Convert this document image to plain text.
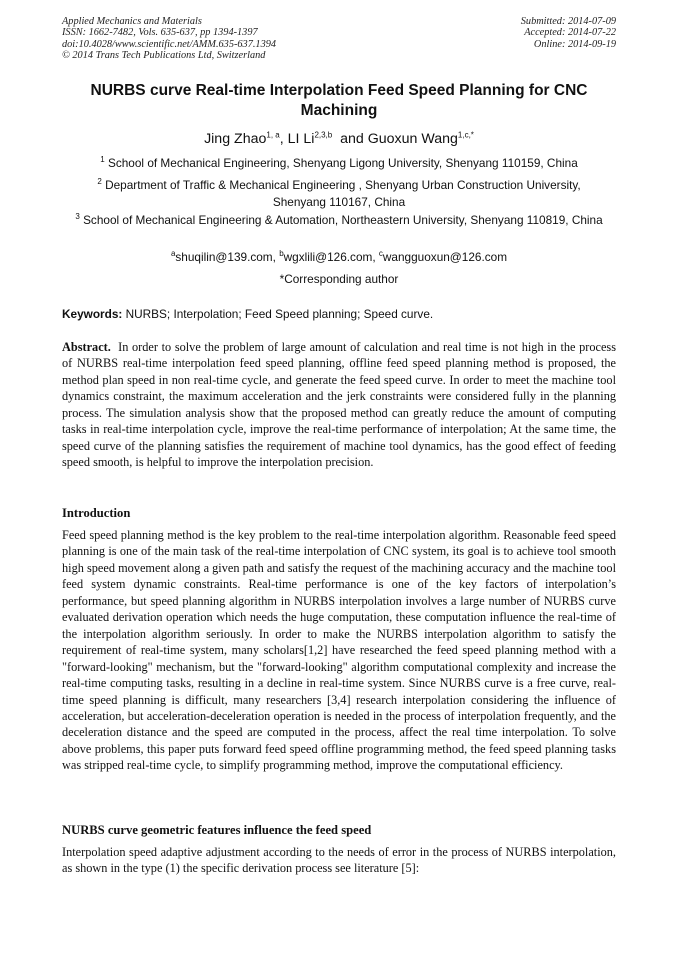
Applied Mechanics and Materials
ISSN: 1662-7482, Vols. 635-637, pp 1394-1397
doi:10.4028/www.scientific.net/AMM.635-637.1394
© 2014 Trans Tech Publications Ltd, Switzerland
Submitted: 2014-07-09
Accepted: 2014-07-22
Online: 2014-09-19
NURBS curve Real-time Interpolation Feed Speed Planning for CNC Machining
Jing Zhao$^{1, a}$, LI Li$^{2,3,b}$  and Guoxun Wang$^{1,c,*}$
$^1$ School of Mechanical Engineering, Shenyang Ligong University, Shenyang 110159, China
$^2$ Department of Traffic & Mechanical Engineering , Shenyang Urban Construction University, Shenyang 110167, China
$^3$ School of Mechanical Engineering & Automation, Northeastern University, Shenyang 110819, China
$^a$shuqilin@139.com, $^b$wgxlili@126.com, $^c$wangguoxun@126.com
*Corresponding author
Keywords: NURBS; Interpolation; Feed Speed planning; Speed curve.
Abstract. In order to solve the problem of large amount of calculation and real time is not high in the process of NURBS real-time interpolation feed speed planning, offline feed speed planning method is proposed, the method plan speed in non real-time cycle, and generate the feed speed curve. In order to meet the machine tool dynamics constraint, the maximum acceleration and the jerk constraints were considered fully in the planning process. The simulation analysis show that the proposed method can greatly reduce the amount of computing tasks in real-time interpolation cycle, improve the real-time performance of interpolation; At the same time, the speed curve of the planning satisfies the requirement of machine tool dynamics, has the good effect of feeding speed smooth, is helpful to improve the interpolation precision.
Introduction
Feed speed planning method is the key problem to the real-time interpolation algorithm. Reasonable feed speed planning is one of the main task of the real-time interpolation of CNC system, its goal is to achieve tool smooth high speed movement along a given path and satisfy the request of the machining accuracy and the machine tool feed system dynamic constraints. Real-time performance is one of the key factors of interpolation’s performance, but speed planning algorithm in NURBS interpolation involves a large number of NURBS curve evaluated derivation operation which needs the huge computation, these computation influence the real-time of the interpolation algorithm seriously. In order to make the NURBS interpolation algorithm to satisfy the requirement of real-time system, many scholars[1,2] have researched the feed speed planning method with a "forward-looking" mechanism, but the "forward-looking" algorithm computational complexity and increase the real-time computing tasks, resulting in a decline in real-time system. Since NURBS curve is a free curve, real-time speed planning is difficult, many researchers [3,4] research interpolation considering the influence of acceleration, but acceleration-deceleration operation is needed in the process of interpolation frequently, and the deceleration distance and the speed are computed in the process, affect the real time interpolation. To solve above problems, this paper puts forward feed speed offline programming method, the feed speed planning tasks was stripped real-time cycle, to simplify programming method, improve the computational efficiency.
NURBS curve geometric features influence the feed speed
Interpolation speed adaptive adjustment according to the needs of error in the process of NURBS interpolation, as shown in the type (1) the specific derivation process see literature [5]:
